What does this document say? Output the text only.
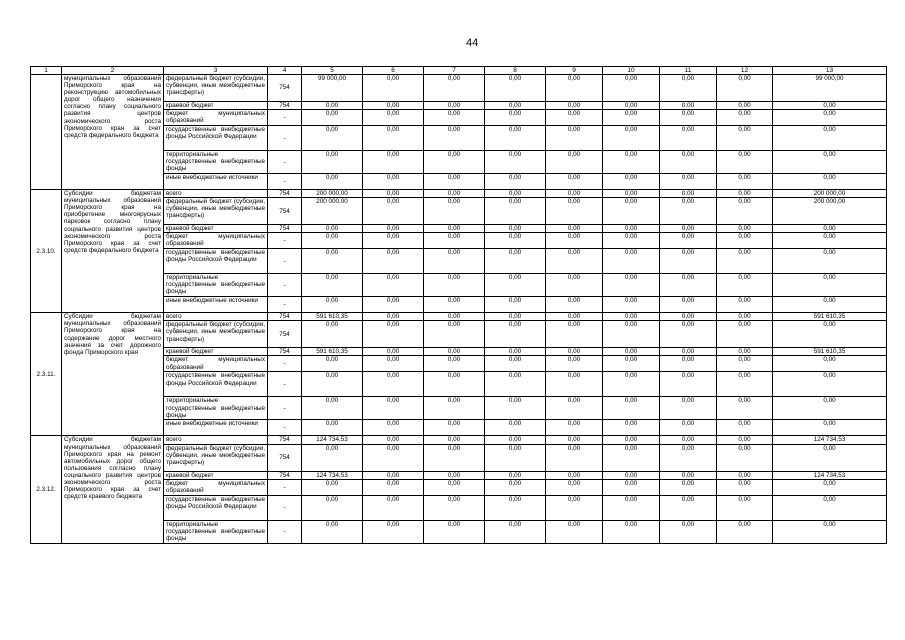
44
1	2	3	4	5	6	7	8	9	10	11	12	13
	муниципальных образований Приморского края на реконструкцию автомобильных дорог общего назначения согласно плану социального развития центров экономического роста Приморского края за счет средств федерального бюджета	федеральный бюджет (субсидии, субвенции, иные межбюджетные трансферты)	754	99 000,00	0,00	0,00	0,00	0,00	0,00	0,00	0,00	99 000,00
		краевой бюджет	754	0,00	0,00	0,00	0,00	0,00	0,00	0,00	0,00	0,00
		бюджет муниципальных образований	-	0,00	0,00	0,00	0,00	0,00	0,00	0,00	0,00	0,00
		государственные внебюджетные фонды Российской Федерации	-	0,00	0,00	0,00	0,00	0,00	0,00	0,00	0,00	0,00
		территориальные государственные внебюджетные фонды	-	0,00	0,00	0,00	0,00	0,00	0,00	0,00	0,00	0,00
		иные внебюджетные источники	-	0,00	0,00	0,00	0,00	0,00	0,00	0,00	0,00	0,00
2.3.10.	Субсидии бюджетам муниципальных образований Приморского края на приобретение многоярусных парковок согласно плану социального развития центров экономического роста Приморского края за счет средств федерального бюджета	всего	754	200 000,00	0,00	0,00	0,00	0,00	0,00	0,00	0,00	200 000,00
		федеральный бюджет (субсидии, субвенции, иные межбюджетные трансферты)	754	200 000,00	0,00	0,00	0,00	0,00	0,00	0,00	0,00	200 000,00
		краевой бюджет	754	0,00	0,00	0,00	0,00	0,00	0,00	0,00	0,00	0,00
		бюджет муниципальных образований	-	0,00	0,00	0,00	0,00	0,00	0,00	0,00	0,00	0,00
		государственные внебюджетные фонды Российской Федерации	-	0,00	0,00	0,00	0,00	0,00	0,00	0,00	0,00	0,00
		территориальные государственные внебюджетные фонды	-	0,00	0,00	0,00	0,00	0,00	0,00	0,00	0,00	0,00
		иные внебюджетные источники	-	0,00	0,00	0,00	0,00	0,00	0,00	0,00	0,00	0,00
2.3.11.	Субсидии бюджетам муниципальных образований Приморского края на содержание дорог местного значения за счет дорожного фонда Приморского края	всего	754	591 610,35	0,00	0,00	0,00	0,00	0,00	0,00	0,00	591 610,35
		федеральный бюджет (субсидии, субвенции, иные межбюджетные трансферты)	754	0,00	0,00	0,00	0,00	0,00	0,00	0,00	0,00	0,00
		краевой бюджет	754	591 610,35	0,00	0,00	0,00	0,00	0,00	0,00	0,00	591 610,35
		бюджет муниципальных образований	-	0,00	0,00	0,00	0,00	0,00	0,00	0,00	0,00	0,00
		государственные внебюджетные фонды Российской Федерации	-	0,00	0,00	0,00	0,00	0,00	0,00	0,00	0,00	0,00
		территориальные государственные внебюджетные фонды	-	0,00	0,00	0,00	0,00	0,00	0,00	0,00	0,00	0,00
		иные внебюджетные источники	-	0,00	0,00	0,00	0,00	0,00	0,00	0,00	0,00	0,00
2.3.12.	Субсидии бюджетам муниципальных образований Приморского края на ремонт автомобильных дорог общего пользования согласно плану социального развития центров экономического роста Приморского края за счет средств краевого бюджета	всего	754	124 734,53	0,00	0,00	0,00	0,00	0,00	0,00	0,00	124 734,53
		федеральный бюджет (субсидии, субвенции, иные межбюджетные трансферты)	754	0,00	0,00	0,00	0,00	0,00	0,00	0,00	0,00	0,00
		краевой бюджет	754	124 734,53	0,00	0,00	0,00	0,00	0,00	0,00	0,00	124 734,53
		бюджет муниципальных образований	-	0,00	0,00	0,00	0,00	0,00	0,00	0,00	0,00	0,00
		государственные внебюджетные фонды Российской Федерации	-	0,00	0,00	0,00	0,00	0,00	0,00	0,00	0,00	0,00
		территориальные государственные внебюджетные фонды	-	0,00	0,00	0,00	0,00	0,00	0,00	0,00	0,00	0,00
